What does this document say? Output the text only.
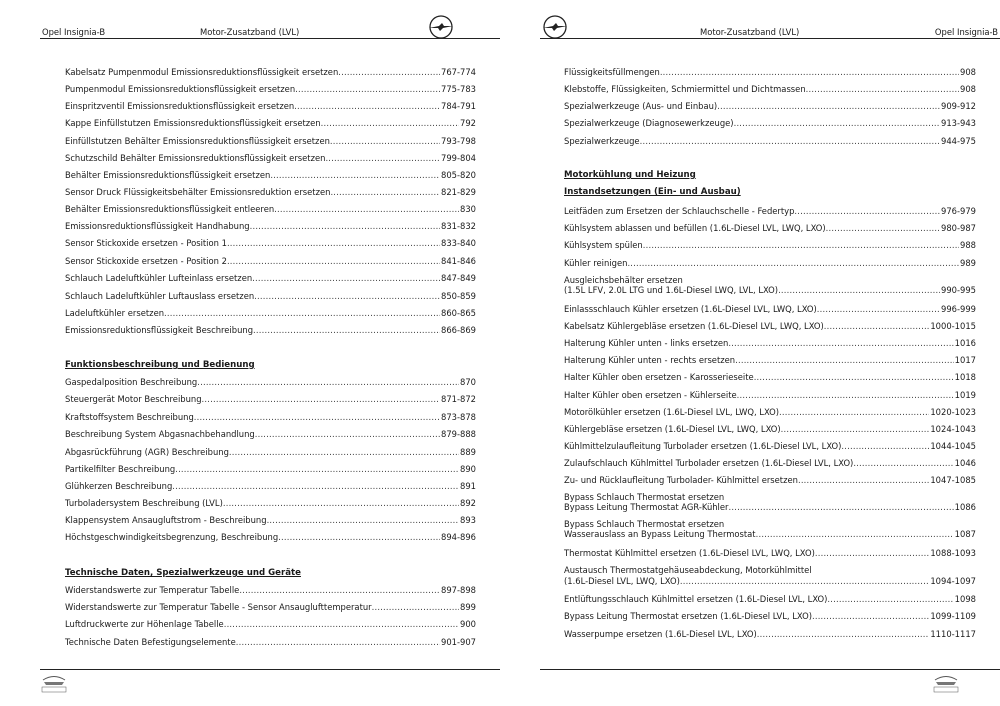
Opel Insignia-B	Motor-Zusatzband (LVL)
Kabelsatz Pumpenmodul Emissionsreduktionsflüssigkeit ersetzen .....	767-774
Pumpenmodul Emissionsreduktionsflüssigkeit ersetzen .....	775-783
Einspritzventil Emissionsreduktionsflüssigkeit ersetzen .....	784-791
Kappe Einfüllstutzen Emissionsreduktionsflüssigkeit ersetzen .....	792
Einfüllstutzen Behälter Emissionsreduktionsflüssigkeit ersetzen .....	793-798
Schutzschild Behälter Emissionsreduktionsflüssigkeit ersetzen .....	799-804
Behälter Emissionsreduktionsflüssigkeit ersetzen .....	805-820
Sensor Druck Flüssigkeitsbehälter Emissionsreduktion ersetzen .....	821-829
Behälter Emissionsreduktionsflüssigkeit entleeren .....	830
Emissionsreduktionsflüssigkeit Handhabung .....	831-832
Sensor Stickoxide ersetzen - Position 1 .....	833-840
Sensor Stickoxide ersetzen - Position 2 .....	841-846
Schlauch Ladeluftkühler Lufteinlass ersetzen .....	847-849
Schlauch Ladeluftkühler Luftauslass ersetzen .....	850-859
Ladeluftkühler ersetzen .....	860-865
Emissionsreduktionsflüssigkeit Beschreibung .....	866-869
Funktionsbeschreibung und Bedienung
Gaspedalposition Beschreibung .....	870
Steuergerät Motor Beschreibung .....	871-872
Kraftstoffsystem Beschreibung .....	873-878
Beschreibung System Abgasnachbehandlung .....	879-888
Abgasrückführung (AGR) Beschreibung .....	889
Partikelfilter Beschreibung .....	890
Glühkerzen Beschreibung .....	891
Turboladersystem Beschreibung (LVL) .....	892
Klappensystem Ansaugluftstrom - Beschreibung .....	893
Höchstgeschwindigkeitsbegrenzung, Beschreibung .....	894-896
Technische Daten, Spezialwerkzeuge und Geräte
Widerstandswerte zur Temperatur Tabelle .....	897-898
Widerstandswerte zur Temperatur Tabelle - Sensor Ansauglufttemperatur .....	899
Luftdruckwerte zur Höhenlage Tabelle .....	900
Technische Daten Befestigungselemente .....	901-907
Motor-Zusatzband (LVL)	Opel Insignia-B
Flüssigkeitsfüllmengen .....	908
Klebstoffe, Flüssigkeiten, Schmiermittel und Dichtmassen .....	908
Spezialwerkzeuge (Aus- und Einbau) .....	909-912
Spezialwerkzeuge (Diagnosewerkzeuge) .....	913-943
Spezialwerkzeuge .....	944-975
Motorkühlung und Heizung
Instandsetzungen (Ein- und Ausbau)
Leitfäden zum Ersetzen der Schlauchschelle - Federtyp .....	976-979
Kühlsystem ablassen und befüllen (1.6L-Diesel LVL, LWQ, LXO) .....	980-987
Kühlsystem spülen .....	988
Kühler reinigen .....	989
Ausgleichsbehälter ersetzen
(1.5L LFV, 2.0L LTG und 1.6L-Diesel LWQ, LVL, LXO) .....	990-995
Einlassschlauch Kühler ersetzen (1.6L-Diesel LVL, LWQ, LXO) .....	996-999
Kabelsatz Kühlergebläse ersetzen (1.6L-Diesel LVL, LWQ, LXO) .....	1000-1015
Halterung Kühler unten - links ersetzen .....	1016
Halterung Kühler unten - rechts ersetzen .....	1017
Halter Kühler oben ersetzen - Karosserieseite .....	1018
Halter Kühler oben ersetzen - Kühlerseite .....	1019
Motorölkühler ersetzen (1.6L-Diesel LVL, LWQ, LXO) .....	1020-1023
Kühlergebläse ersetzen (1.6L-Diesel LVL, LWQ, LXO) .....	1024-1043
Kühlmittelzulaufleitung Turbolader ersetzen (1.6L-Diesel LVL, LXO) .....	1044-1045
Zulaufschlauch Kühlmittel Turbolader ersetzen (1.6L-Diesel LVL, LXO) .....	1046
Zu- und Rücklaufleitung Turbolader- Kühlmittel ersetzen .....	1047-1085
Bypass Schlauch Thermostat ersetzen
Bypass Leitung Thermostat AGR-Kühler .....	1086
Bypass Schlauch Thermostat ersetzen
Wasserauslass an Bypass Leitung Thermostat .....	1087
Thermostat Kühlmittel ersetzen (1.6L-Diesel LVL, LWQ, LXO) .....	1088-1093
Austausch Thermostatgehäuseabdeckung, Motorkühlmittel
(1.6L-Diesel LVL, LWQ, LXO) .....	1094-1097
Entlüftungsschlauch Kühlmittel ersetzen (1.6L-Diesel LVL, LXO) .....	1098
Bypass Leitung Thermostat ersetzen (1.6L-Diesel LVL, LXO) .....	1099-1109
Wasserpumpe ersetzen (1.6L-Diesel LVL, LXO) .....	1110-1117
